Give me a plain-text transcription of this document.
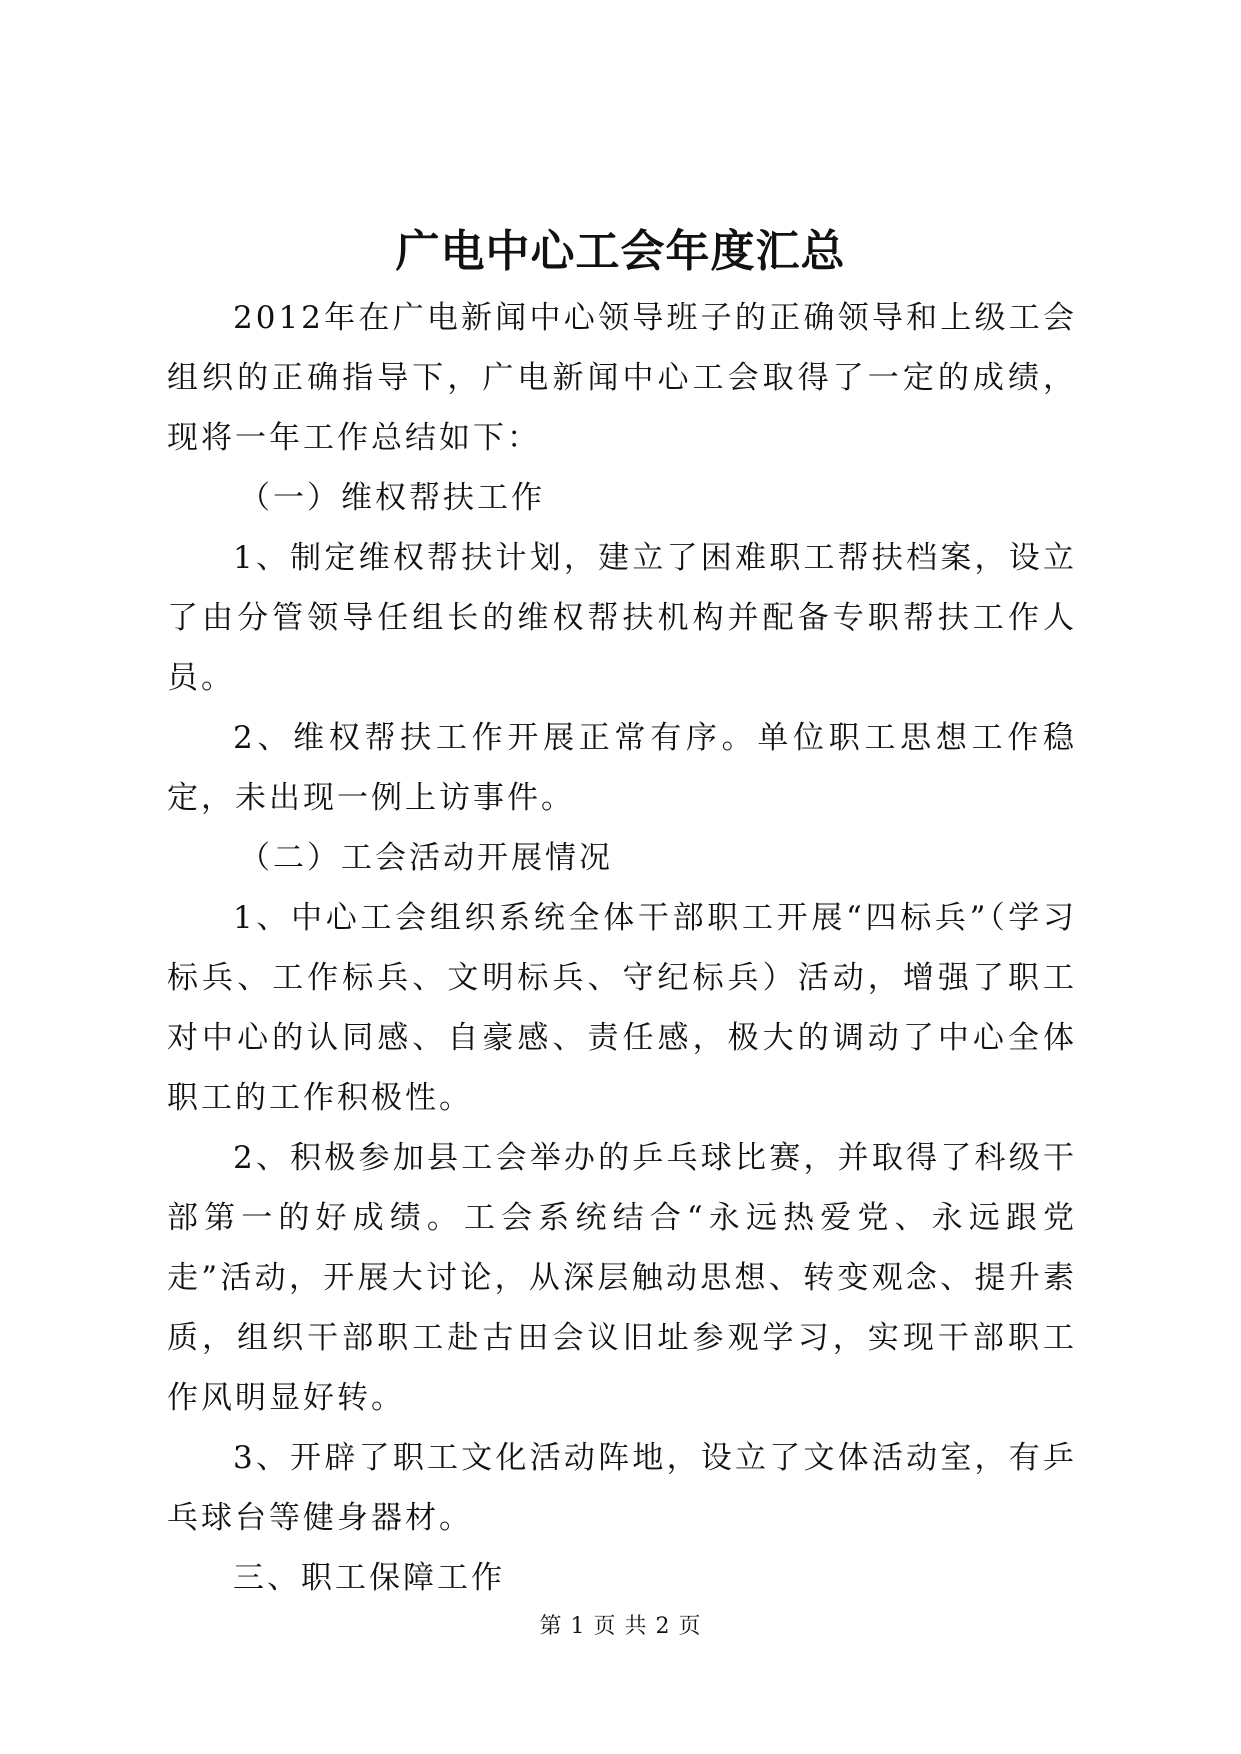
广电中心工会年度汇总

2012年在广电新闻中心领导班子的正确领导和上级工会组织的正确指导下，广电新闻中心工会取得了一定的成绩，现将一年工作总结如下：

（一）维权帮扶工作

1、制定维权帮扶计划，建立了困难职工帮扶档案，设立了由分管领导任组长的维权帮扶机构并配备专职帮扶工作人员。

2、维权帮扶工作开展正常有序。单位职工思想工作稳定，未出现一例上访事件。

（二）工会活动开展情况

1、中心工会组织系统全体干部职工开展“四标兵”（学习标兵、工作标兵、文明标兵、守纪标兵）活动，增强了职工对中心的认同感、自豪感、责任感，极大的调动了中心全体职工的工作积极性。

2、积极参加县工会举办的乒乓球比赛，并取得了科级干部第一的好成绩。工会系统结合“永远热爱党、永远跟党走”活动，开展大讨论，从深层触动思想、转变观念、提升素质，组织干部职工赴古田会议旧址参观学习，实现干部职工作风明显好转。

3、开辟了职工文化活动阵地，设立了文体活动室，有乒乓球台等健身器材。

三、职工保障工作

第 1 页 共 2 页
